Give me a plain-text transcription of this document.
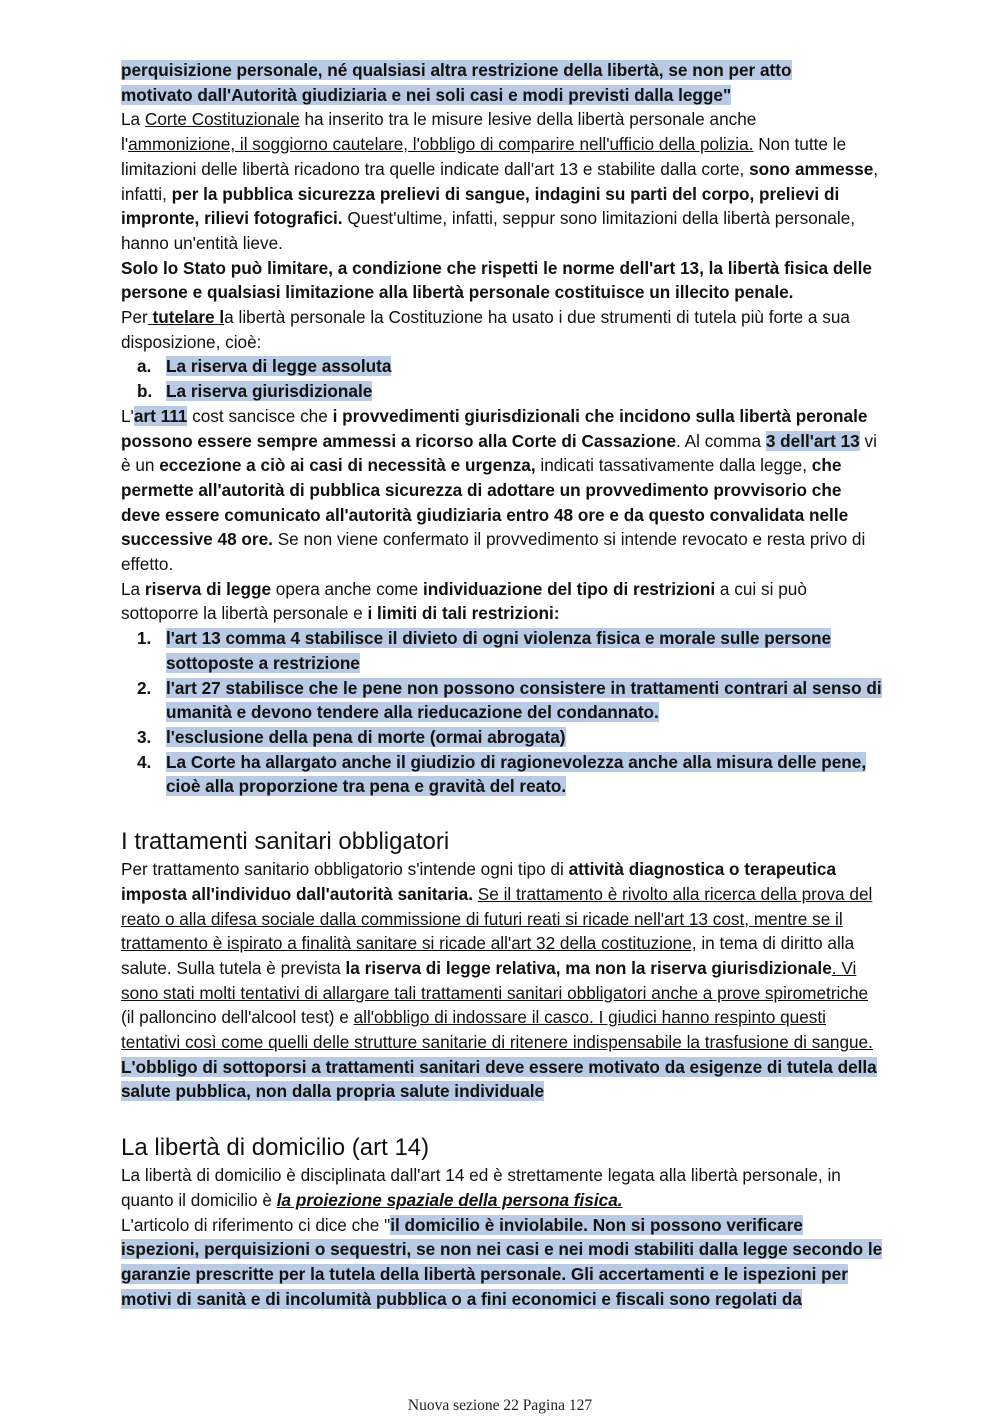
perquisizione personale, né qualsiasi altra restrizione della libertà, se non per atto
motivato dall'Autorità giudiziaria e nei soli casi e modi previsti dalla legge"

La Corte Costituzionale ha inserito tra le misure lesive della libertà personale anche
l'ammonizione, il soggiorno cautelare, l'obbligo di comparire nell'ufficio della polizia. Non tutte le limitazioni delle libertà ricadono tra quelle indicate dall'art 13 e stabilite dalla corte, sono ammesse, infatti, per la pubblica sicurezza prelievi di sangue, indagini su parti del corpo, prelievi di impronte, rilievi fotografici. Quest'ultime, infatti, seppur sono limitazioni della libertà personale, hanno un'entità lieve.

Solo lo Stato può limitare, a condizione che rispetti le norme dell'art 13, la libertà fisica delle persone e qualsiasi limitazione alla libertà personale costituisce un illecito penale.

Per tutelare la libertà personale la Costituzione ha usato i due strumenti di tutela più forte a sua disposizione, cioè:

a. La riserva di legge assoluta
b. La riserva giurisdizionale

L'art 111 cost sancisce che i provvedimenti giurisdizionali che incidono sulla libertà peronale possono essere sempre ammessi a ricorso alla Corte di Cassazione. Al comma 3 dell'art 13 vi è un eccezione a ciò ai casi di necessità e urgenza, indicati tassativamente dalla legge, che permette all'autorità di pubblica sicurezza di adottare un provvedimento provvisorio che deve essere comunicato all'autorità giudiziaria entro 48 ore e da questo convalidata nelle successive 48 ore. Se non viene confermato il provvedimento si intende revocato e resta privo di effetto.

La riserva di legge opera anche come individuazione del tipo di restrizioni a cui si può sottoporre la libertà personale e i limiti di tali restrizioni:

1. l'art 13 comma 4 stabilisce il divieto di ogni violenza fisica e morale sulle persone sottoposte a restrizione
2. l'art 27 stabilisce che le pene non possono consistere in trattamenti contrari al senso di umanità e devono tendere alla rieducazione del condannato.
3. l'esclusione della pena di morte (ormai abrogata)
4. La Corte ha allargato anche il giudizio di ragionevolezza anche alla misura delle pene, cioè alla proporzione tra pena e gravità del reato.
I trattamenti sanitari obbligatori

Per trattamento sanitario obbligatorio s'intende ogni tipo di attività diagnostica o terapeutica imposta all'individuo dall'autorità sanitaria. Se il trattamento è rivolto alla ricerca della prova del reato o alla difesa sociale dalla commissione di futuri reati si ricade nell'art 13 cost, mentre se il trattamento è ispirato a finalità sanitare si ricade all'art 32 della costituzione, in tema di diritto alla salute. Sulla tutela è prevista la riserva di legge relativa, ma non la riserva giurisdizionale. Vi sono stati molti tentativi di allargare tali trattamenti sanitari obbligatori anche a prove spirometriche (il palloncino dell'alcool test) e all'obbligo di indossare il casco. I giudici hanno respinto questi tentativi così come quelli delle strutture sanitarie di ritenere indispensabile la trasfusione di sangue.

L'obbligo di sottoporsi a trattamenti sanitari deve essere motivato da esigenze di tutela della salute pubblica, non dalla propria salute individuale

La libertà di domicilio (art 14)

La libertà di domicilio è disciplinata dall'art 14 ed è strettamente legata alla libertà personale, in quanto il domicilio è la proiezione spaziale della persona fisica.
L'articolo di riferimento ci dice che "il domicilio è inviolabile. Non si possono verificare ispezioni, perquisizioni o sequestri, se non nei casi e nei modi stabiliti dalla legge secondo le garanzie prescritte per la tutela della libertà personale. Gli accertamenti e le ispezioni per motivi di sanità e di incolumità pubblica o a fini economici e fiscali sono regolati da

Nuova sezione 22 Pagina 127
